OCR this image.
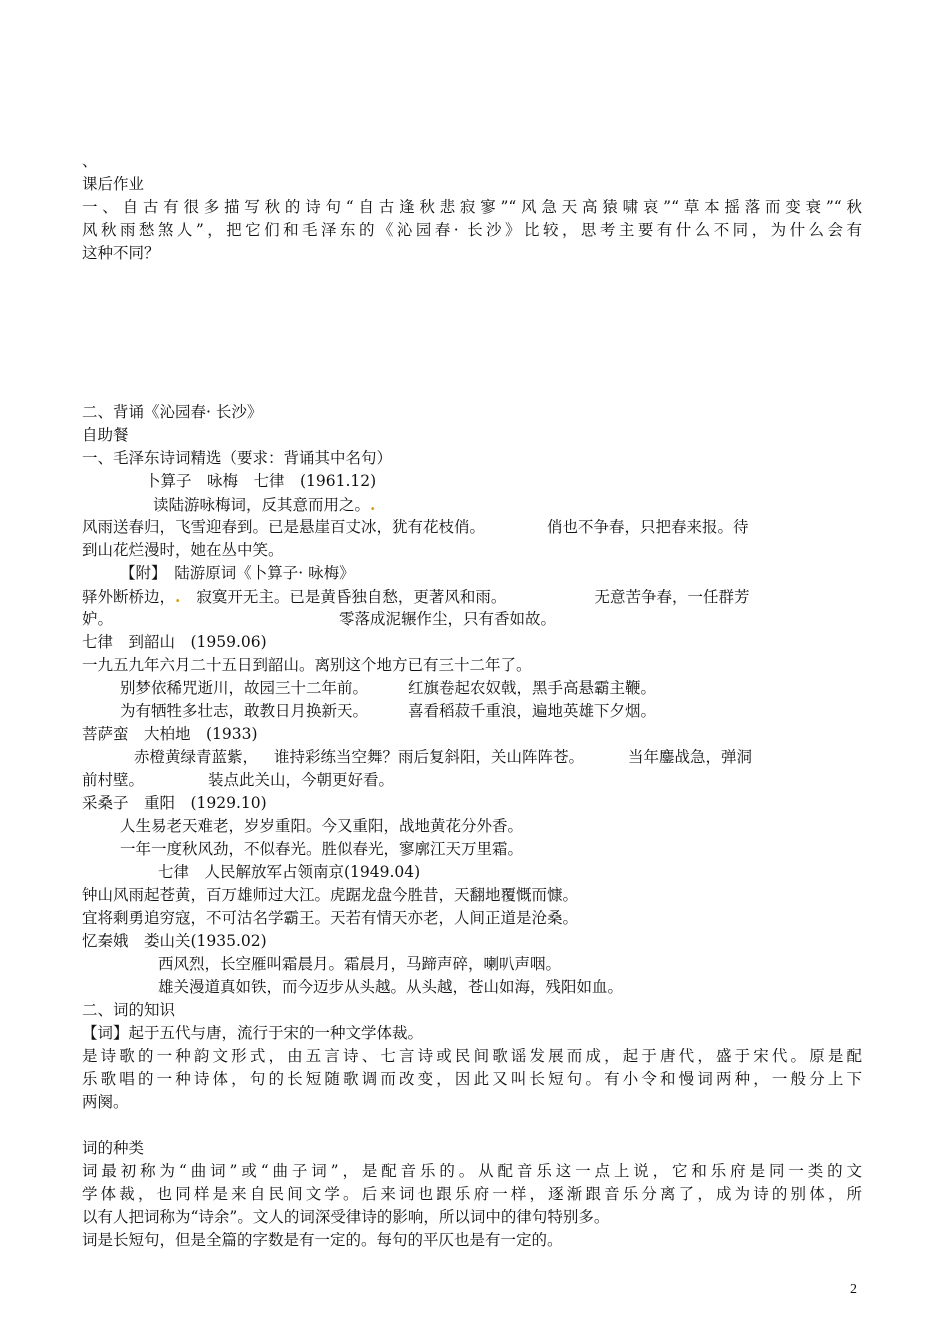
、
课后作业
一、自古有很多描写秋的诗句“自古逢秋悲寂寥”“风急天高猿啸哀”“草本摇落而变衰”“秋
风秋雨愁煞人”，把它们和毛泽东的《沁园春· 长沙》比较，思考主要有什么不同，为什么会有
这种不同？
二、背诵《沁园春· 长沙》
自助餐
一、毛泽东诗词精选（要求：背诵其中名句）
卜算子　咏梅　七律　(1961.12)
读陆游咏梅词，反其意而用之。.
风雨送春归，飞雪迎春到。已是悬崖百丈冰，犹有花枝俏。	俏也不争春，只把春来报。待
到山花烂漫时，她在丛中笑。
【附】　陆游原词《卜算子· 咏梅》
驿外断桥边，. 寂寞开无主。已是黄昏独自愁，更著风和雨。	无意苦争春，一任群芳
妒。	零落成泥辗作尘，只有香如故。
七律　到韶山　(1959.06)
一九五九年六月二十五日到韶山。离别这个地方已有三十二年了。
别梦依稀咒逝川，故园三十二年前。	红旗卷起农奴戟，黑手高悬霸主鞭。
为有牺牲多壮志，敢教日月换新天。	喜看稻菽千重浪，遍地英雄下夕烟。
菩萨蛮　大柏地　(1933)
赤橙黄绿青蓝紫， 谁持彩练当空舞？雨后复斜阳，关山阵阵苍。	当年鏖战急，弹洞
前村壁。	装点此关山，今朝更好看。
采桑子　重阳　(1929.10)
人生易老天难老，岁岁重阳。今又重阳，战地黄花分外香。
一年一度秋风劲，不似春光。胜似春光，寥廓江天万里霜。
七律　人民解放军占领南京(1949.04)
钟山风雨起苍黄，百万雄师过大江。虎踞龙盘今胜昔，天翻地覆慨而慷。
宜将剩勇追穷寇，不可沽名学霸王。天若有情天亦老，人间正道是沧桑。
忆秦娥　娄山关(1935.02)
西风烈，长空雁叫霜晨月。霜晨月，马蹄声碎，喇叭声咽。
雄关漫道真如铁，而今迈步从头越。从头越，苍山如海，残阳如血。
二、词的知识
【词】起于五代与唐，流行于宋的一种文学体裁。
是诗歌的一种韵文形式，由五言诗、七言诗或民间歌谣发展而成，起于唐代，盛于宋代。原是配
乐歌唱的一种诗体，句的长短随歌调而改变，因此又叫长短句。有小令和慢词两种，一般分上下
两阕。
词的种类
词最初称为“曲词”或“曲子词”，是配音乐的。从配音乐这一点上说，它和乐府是同一类的文
学体裁，也同样是来自民间文学。后来词也跟乐府一样，逐渐跟音乐分离了，成为诗的别体，所
以有人把词称为“诗余”。文人的词深受律诗的影响，所以词中的律句特别多。
词是长短句，但是全篇的字数是有一定的。每句的平仄也是有一定的。
2
